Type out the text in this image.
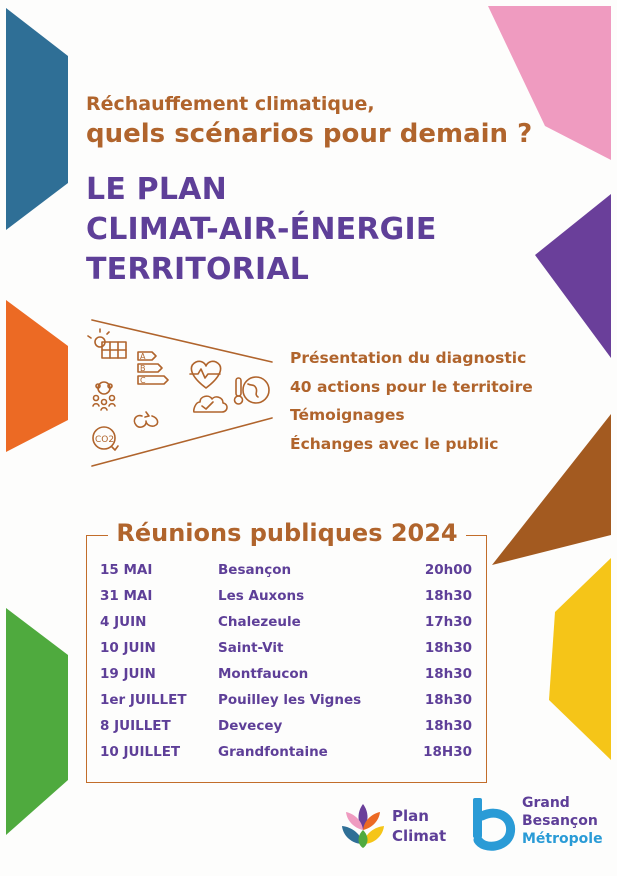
Réchauffement climatique,
quels scénarios pour demain ?
LE PLAN
CLIMAT-AIR-ÉNERGIE
TERRITORIAL
A
B
C
CO2
Présentation du diagnostic
40 actions pour le territoire
Témoignages
Échanges avec le public
Réunions publiques 2024
15 MAI	Besançon	20h00
31 MAI	Les Auxons	18h30
4 JUIN	Chalezeule	17h30
10 JUIN	Saint-Vit	18h30
19 JUIN	Montfaucon	18h30
1er JUILLET Pouilley les Vignes	18h30
8 JUILLET	Devecey	18h30
10 JUILLET	Grandfontaine	18H30
Plan
Climat
Grand
Besançon
Métropole
